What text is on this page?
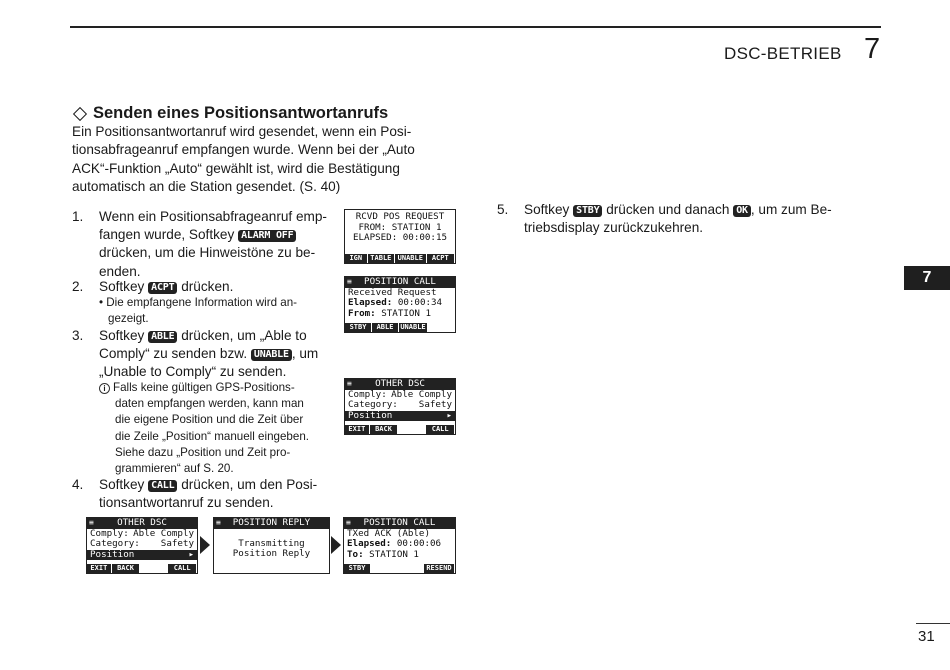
DSC-BETRIEB 7
7
31
Senden eines Positionsantwortanrufs
Ein Positionsantwortanruf wird gesendet, wenn ein Posi-
tionsabfrageanruf empfangen wurde. Wenn bei der „Auto
ACK“-Funktion „Auto“ gewählt ist, wird die Bestätigung
automatisch an die Station gesendet. (S. 40)
1. Wenn ein Positionsabfrageanruf emp-
fangen wurde, Softkey ALARM OFF
drücken, um die Hinweistöne zu be-
enden.
2. Softkey ACPT drücken.
• Die empfangene Information wird an-
gezeigt.
3. Softkey ABLE drücken, um „Able to
Comply“ zu senden bzw. UNABLE , um
„Unable to Comply“ zu senden.
i Falls keine gültigen GPS-Positions-
daten empfangen werden, kann man
die eigene Position und die Zeit über
die Zeile „Position“ manuell eingeben.
Siehe dazu „Position und Zeit pro-
grammieren“ auf S. 20.
4. Softkey CALL drücken, um den Posi-
tionsantwortanruf zu senden.
5. Softkey STBY drücken und danach OK , um zum Be-
triebsdisplay zurückzukehren.
RCVD POS REQUEST
FROM: STATION 1
ELAPSED: 00:00:15
IGN	TABLE UNABLE	ACPT
≡ POSITION CALL
Received Request
Elapsed: 00:00:34
From: STATION 1
STBY	ABLE UNABLE
≡	OTHER DSC
Comply: Able Comply
Category: Safety
Position	▸
EXIT	BACK	CALL
≡	OTHER DSC
Comply: Able Comply
Category: Safety
Position	▸
EXIT	BACK	CALL
≡ POSITION REPLY
Transmitting
Position Reply
≡ POSITION CALL
TXed ACK (Able)
Elapsed: 00:00:06
To: STATION 1
STBY	RESEND
